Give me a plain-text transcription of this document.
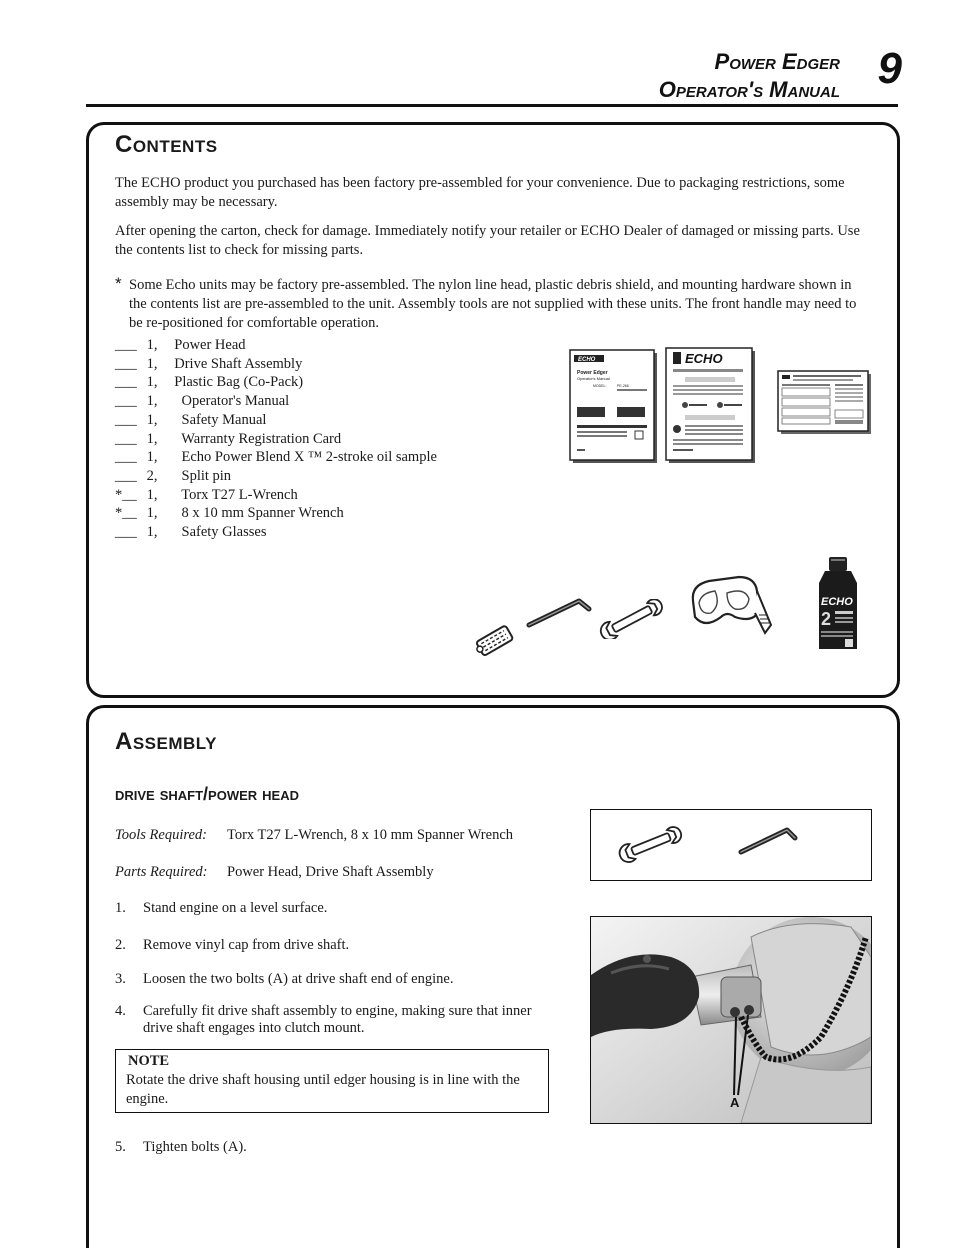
Power Edger
Operator's Manual 9
Contents
The ECHO product you purchased has been factory pre-assembled for your convenience. Due to packaging restrictions, some assembly may be necessary.
After opening the carton, check for damage. Immediately notify your retailer or ECHO Dealer of damaged or missing parts. Use the contents list to check for missing parts.
* Some Echo units may be factory pre-assembled. The nylon line head, plastic debris shield, and mounting hardware shown in the contents list are pre-assembled to the unit. Assembly tools are not supplied with these units. The front handle may need to be re-positioned for comfortable operation.
___ 1, Power Head
___ 1, Drive Shaft Assembly
___ 1, Plastic Bag (Co-Pack)
___ 1,   Operator's Manual
___ 1,   Safety Manual
___ 1,   Warranty Registration Card
___ 1,   Echo Power Blend X ™ 2-stroke oil sample
___ 2,   Split pin
*__ 1,   Torx T27 L-Wrench
*__ 1,   8 x 10 mm Spanner Wrench
___ 1,   Safety Glasses
ECHO
Power Edger
Operator's Manual
MODEL:	PE-266
ECHO
ECHO
2
Assembly
drive shaft/power head
Tools Required: Torx T27 L-Wrench, 8 x 10 mm Spanner Wrench
Parts Required: Power Head, Drive Shaft Assembly
1. Stand engine on a level surface.
2. Remove vinyl cap from drive shaft.
3. Loosen the two bolts (A) at drive shaft end of engine.
4. Carefully fit drive shaft assembly to engine, making sure that inner drive shaft engages into clutch mount.
NOTE
Rotate the drive shaft housing until edger housing is in line with the engine.
5. Tighten bolts (A).
A
